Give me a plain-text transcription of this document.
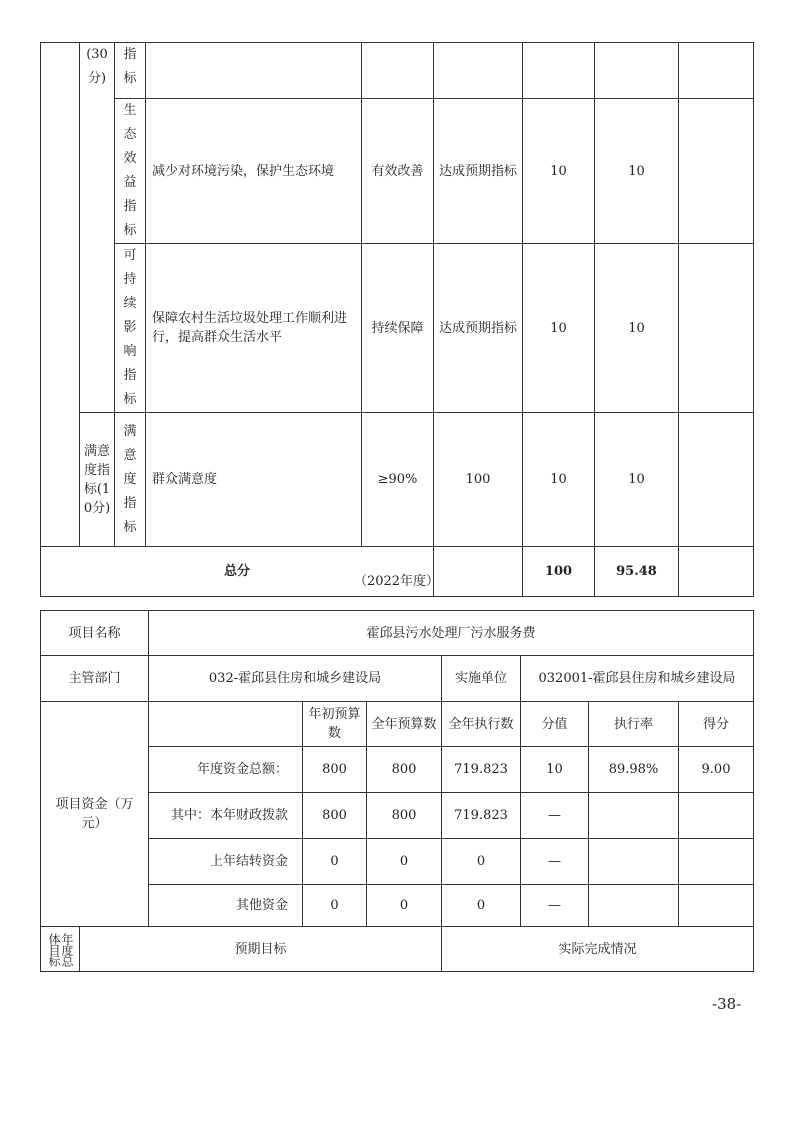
	(30分)	指标						

		生态效益指标	减少对环境污染，保护生态环境	有效改善	达成预期指标	10	10	

		可持续影响指标	保障农村生活垃圾处理工作顺利进行，提高群众生活水平	持续保障	达成预期指标	10	10	

	满意度指标(10分)	满意度指标	群众满意度	≥90%	100	10	10	
总分						100	95.48	
（2022年度）
项目名称		霍邱县污水处理厂污水服务费						
主管部门		032-霍邱县住房和城乡建设局			实施单位	032001-霍邱县住房和城乡建设局		

项目资金（万元）			年初预算数	全年预算数	全年执行数	分值	执行率	得分
		年度资金总额：	800	800	719.823	10	89.98%	9.00
		其中：本年财政拨款	800	800	719.823	—		
		上年结转资金	0	0	0	—		
		其他资金	0	0	0	—		

年度总体目标	预期目标				实际完成情况			
-38-
